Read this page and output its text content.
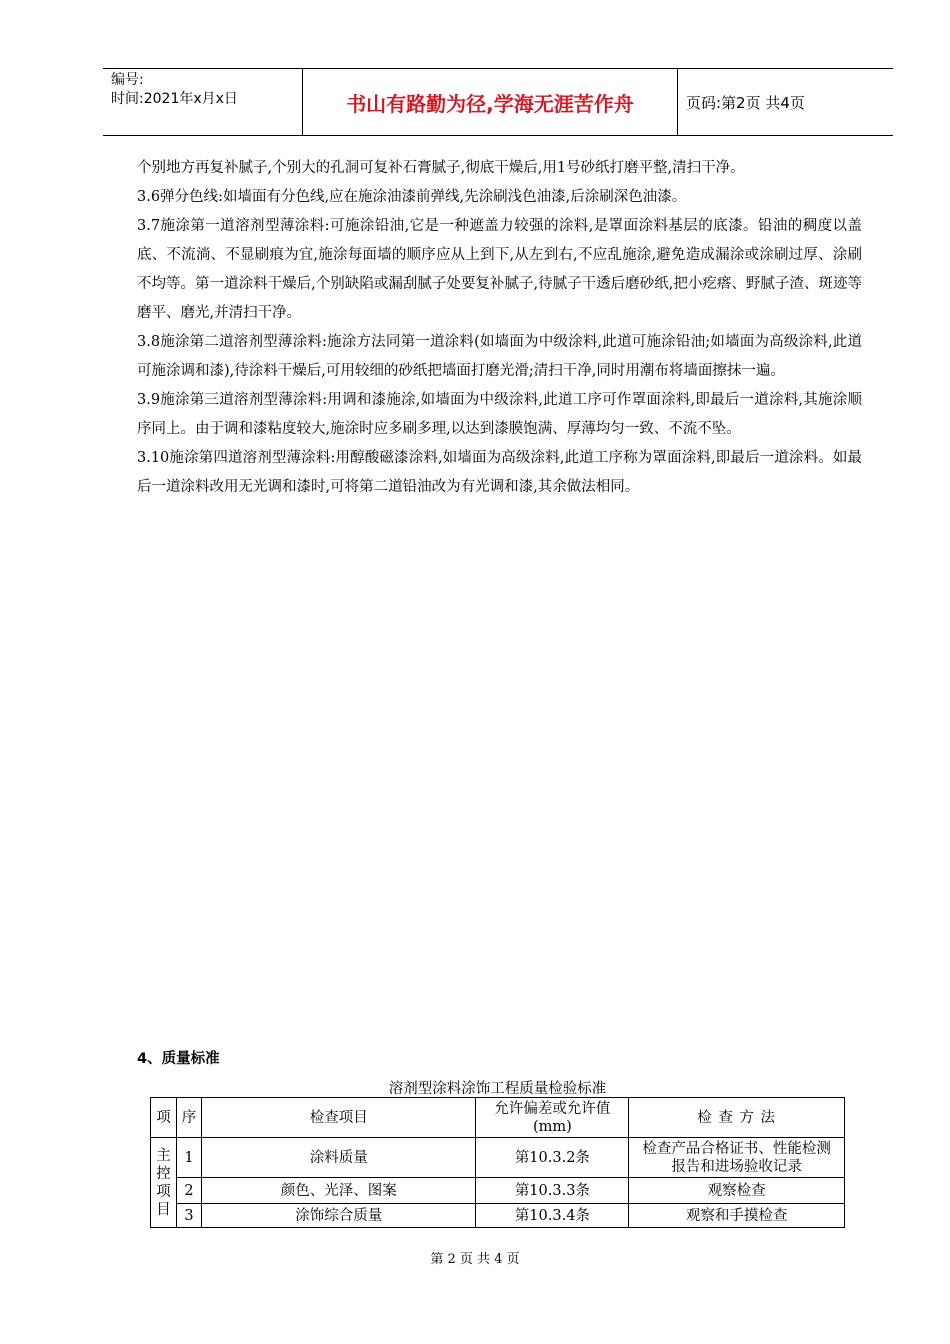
编号:
时间:2021年x月x日	书山有路勤为径,学海无涯苦作舟	页码:第2页 共4页

个别地方再复补腻子,个别大的孔洞可复补石膏腻子,彻底干燥后,用1号砂纸打磨平整,清扫干净。

3.6弹分色线:如墙面有分色线,应在施涂油漆前弹线,先涂刷浅色油漆,后涂刷深色油漆。

3.7施涂第一道溶剂型薄涂料:可施涂铅油,它是一种遮盖力较强的涂料,是罩面涂料基层的底漆。铅油的稠度以盖底、不流淌、不显刷痕为宜,施涂每面墙的顺序应从上到下,从左到右,不应乱施涂,避免造成漏涂或涂刷过厚、涂刷不均等。第一道涂料干燥后,个别缺陷或漏刮腻子处要复补腻子,待腻子干透后磨砂纸,把小疙瘩、野腻子渣、斑迹等磨平、磨光,并清扫干净。

3.8施涂第二道溶剂型薄涂料:施涂方法同第一道涂料(如墙面为中级涂料,此道可施涂铅油;如墙面为高级涂料,此道可施涂调和漆),待涂料干燥后,可用较细的砂纸把墙面打磨光滑;清扫干净,同时用潮布将墙面擦抹一遍。

3.9施涂第三道溶剂型薄涂料:用调和漆施涂,如墙面为中级涂料,此道工序可作罩面涂料,即最后一道涂料,其施涂顺序同上。由于调和漆粘度较大,施涂时应多刷多理,以达到漆膜饱满、厚薄均匀一致、不流不坠。

3.10施涂第四道溶剂型薄涂料:用醇酸磁漆涂料,如墙面为高级涂料,此道工序称为罩面涂料,即最后一道涂料。如最后一道涂料改用无光调和漆时,可将第二道铅油改为有光调和漆,其余做法相同。

4、质量标准
溶剂型涂料涂饰工程质量检验标准
项	序	检查项目	允许偏差或允许值(mm)	检 查 方 法
主控项目	1	涂料质量	第10.3.2条	检查产品合格证书、性能检测报告和进场验收记录
	2	颜色、光泽、图案	第10.3.3条	观察检查
	3	涂饰综合质量	第10.3.4条	观察和手摸检查
第 2 页 共 4 页
